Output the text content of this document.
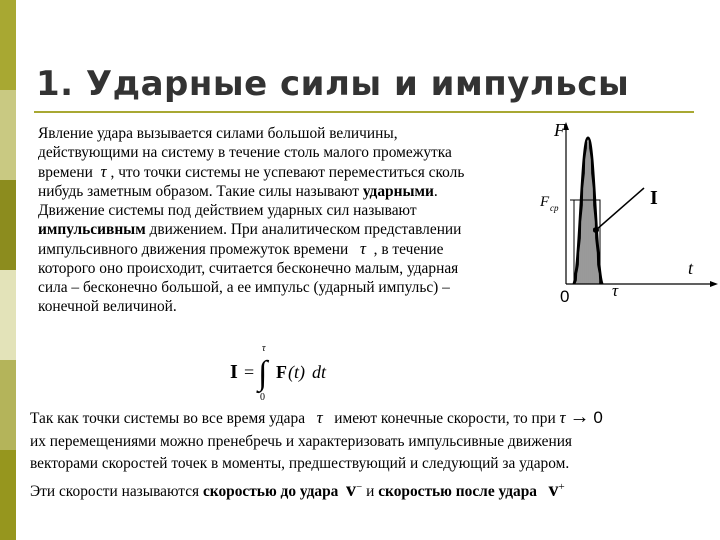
1. Ударные силы и импульсы
Явление удара вызывается силами большой величины,
действующими на систему в течение столь малого промежутка
времени τ , что точки системы не успевают переместиться сколь
нибудь заметным образом. Такие силы называют ударными.
Движение системы под действием ударных сил называют
импульсивным движением. При аналитическом представлении
импульсивного движения промежуток времени τ , в течение
которого оно происходит, считается бесконечно малым, ударная
сила – бесконечно большой, а ее импульс (ударный импульс) –
конечной величиной.
I = ∫
τ
0
F (t) dt
F
F ср	I
t
0	τ
Так как точки системы во все время удара τ имеют конечные скорости, то при τ → 0
их перемещениями можно пренебречь и характеризовать импульсивные движения
векторами скоростей точек в моменты, предшествующий и следующий за ударом.
Эти скорости называются скоростью до удара v− и скоростью после удара v+
